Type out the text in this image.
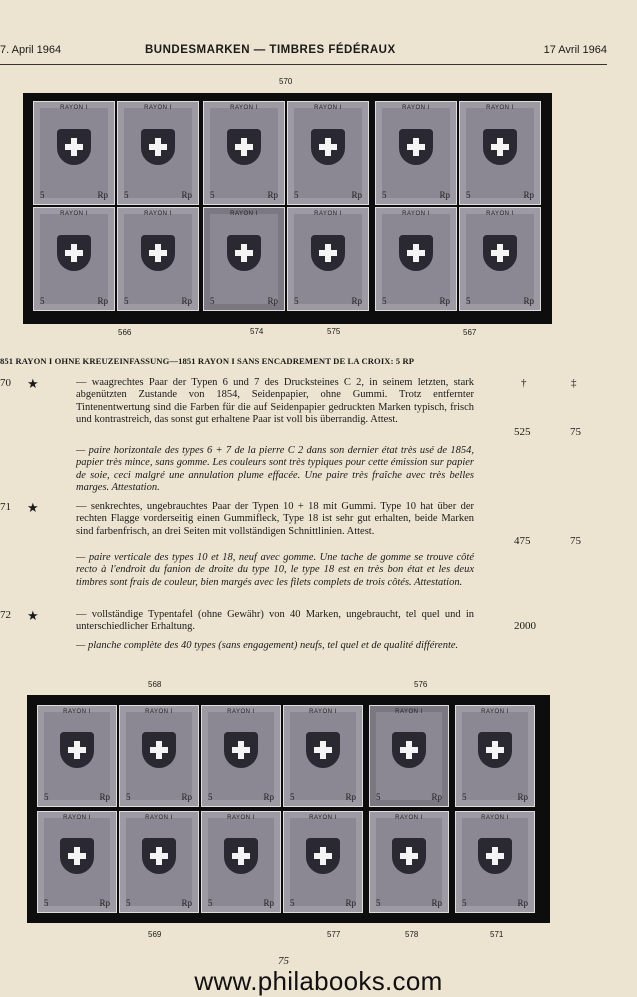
7. April 1964	BUNDESMARKEN — TIMBRES FÉDÉRAUX	17 Avril 1964
570
RAYON I
5	Rp
RAYON I
5	Rp
RAYON I
5	Rp
RAYON I
5	Rp
RAYON I
5	Rp
RAYON I
5	Rp
RAYON I
5	Rp
RAYON I
5	Rp
RAYON I
5	Rp
RAYON I
5	Rp
RAYON I
5	Rp
RAYON I
5	Rp
566	574	575	567
851 RAYON I OHNE KREUZEINFASSUNG—1851 RAYON I SANS ENCADREMENT DE LA CROIX: 5 RP
†	‡
70 ★	— waagrechtes Paar der Typen 6 und 7 des Drucksteines C 2, in seinem letzten, stark abgenützten Zustande von 1854, Seidenpapier, ohne Gummi. Trotz entfernter Tintenentwertung sind die Farben für die auf Seidenpapier gedruckten Marken typisch, frisch und kontrastreich, das sonst gut erhaltene Paar ist voll bis überrandig. Attest.
— paire horizontale des types 6 + 7 de la pierre C 2 dans son dernier état très usé de 1854, papier très mince, sans gomme. Les couleurs sont très typiques pour cette émission sur papier de soie, ceci malgré une annulation plume effacée. Une paire très fraîche avec très belles marges. Attestation.
525	75
71 ★	— senkrechtes, ungebrauchtes Paar der Typen 10 + 18 mit Gummi. Type 10 hat über der rechten Flagge vorderseitig einen Gummifleck, Type 18 ist sehr gut erhalten, beide Marken sind farbenfrisch, an drei Seiten mit vollständigen Schnittlinien. Attest.
— paire verticale des types 10 et 18, neuf avec gomme. Une tache de gomme se trouve côté recto à l'endroit du fanion de droite du type 10, le type 18 est en très bon état et les deux timbres sont frais de couleur, bien margés avec les filets complets de trois côtés. Attestation.
475	75
72 ★	— vollständige Typentafel (ohne Gewähr) von 40 Marken, ungebraucht, tel quel und in unterschiedlicher Erhaltung.
— planche complète des 40 types (sans engagement) neufs, tel quel et de qualité différente.
2000
568	576
RAYON I
5	Rp
RAYON I
5	Rp
RAYON I
5	Rp
RAYON I
5	Rp
RAYON I
5	Rp
RAYON I
5	Rp
RAYON I
5	Rp
RAYON I
5	Rp
RAYON I
5	Rp
RAYON I
5	Rp
RAYON I
5	Rp
RAYON I
5	Rp
569	577	578	571
75
www.philabooks.com
